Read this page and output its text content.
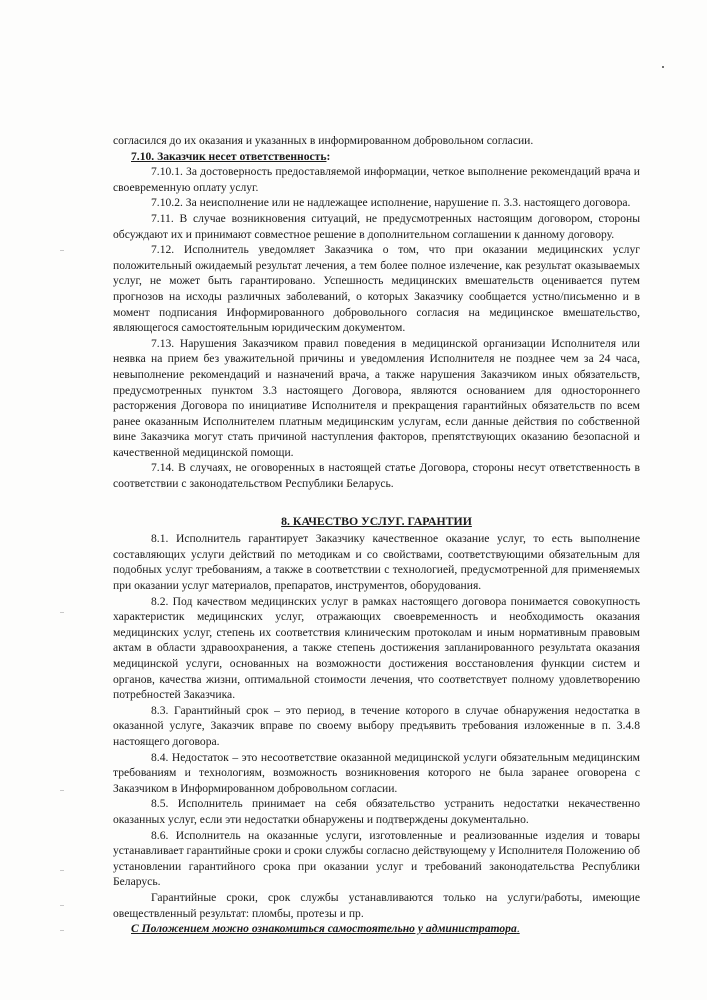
согласился до их оказания и указанных в информированном добровольном согласии.

7.10. Заказчик несет ответственность:

7.10.1. За достоверность предоставляемой информации, четкое выполнение рекомендаций врача и своевременную оплату услуг.

7.10.2. За неисполнение или не надлежащее исполнение, нарушение п. 3.3. настоящего договора.

7.11. В случае возникновения ситуаций, не предусмотренных настоящим договором, стороны обсуждают их и принимают совместное решение в дополнительном соглашении к данному договору.

7.12. Исполнитель уведомляет Заказчика о том, что при оказании медицинских услуг положительный ожидаемый результат лечения, а тем более полное излечение, как результат оказываемых услуг, не может быть гарантировано. Успешность медицинских вмешательств оценивается путем прогнозов на исходы различных заболеваний, о которых Заказчику сообщается устно/письменно и в момент подписания Информированного добровольного согласия на медицинское вмешательство, являющегося самостоятельным юридическим документом.

7.13. Нарушения Заказчиком правил поведения в медицинской организации Исполнителя или неявка на прием без уважительной причины и уведомления Исполнителя не позднее чем за 24 часа, невыполнение рекомендаций и назначений врача, а также нарушения Заказчиком иных обязательств, предусмотренных пунктом 3.3 настоящего Договора, являются основанием для одностороннего расторжения Договора по инициативе Исполнителя и прекращения гарантийных обязательств по всем ранее оказанным Исполнителем платным медицинским услугам, если данные действия по собственной вине Заказчика могут стать причиной наступления факторов, препятствующих оказанию безопасной и качественной медицинской помощи.

7.14. В случаях, не оговоренных в настоящей статье Договора, стороны несут ответственность в соответствии с законодательством Республики Беларусь.

8. КАЧЕСТВО УСЛУГ. ГАРАНТИИ

8.1. Исполнитель гарантирует Заказчику качественное оказание услуг, то есть выполнение составляющих услуги действий по методикам и со свойствами, соответствующими обязательным для подобных услуг требованиям, а также в соответствии с технологией, предусмотренной для применяемых при оказании услуг материалов, препаратов, инструментов, оборудования.

8.2. Под качеством медицинских услуг в рамках настоящего договора понимается совокупность характеристик медицинских услуг, отражающих своевременность и необходимость оказания медицинских услуг, степень их соответствия клиническим протоколам и иным нормативным правовым актам в области здравоохранения, а также степень достижения запланированного результата оказания медицинской услуги, основанных на возможности достижения восстановления функции систем и органов, качества жизни, оптимальной стоимости лечения, что соответствует полному удовлетворению потребностей Заказчика.

8.3. Гарантийный срок – это период, в течение которого в случае обнаружения недостатка в оказанной услуге, Заказчик вправе по своему выбору предъявить требования изложенные в п. 3.4.8 настоящего договора.

8.4. Недостаток – это несоответствие оказанной медицинской услуги обязательным медицинским требованиям и технологиям, возможность возникновения которого не была заранее оговорена с Заказчиком в Информированном добровольном согласии.

8.5. Исполнитель принимает на себя обязательство устранить недостатки некачественно оказанных услуг, если эти недостатки обнаружены и подтверждены документально.

8.6. Исполнитель на оказанные услуги, изготовленные и реализованные изделия и товары устанавливает гарантийные сроки и сроки службы согласно действующему у Исполнителя Положению об установлении гарантийного срока при оказании услуг и требований законодательства Республики Беларусь.

Гарантийные сроки, срок службы устанавливаются только на услуги/работы, имеющие овеществленный результат: пломбы, протезы и пр.

С Положением можно ознакомиться самостоятельно у администратора.
